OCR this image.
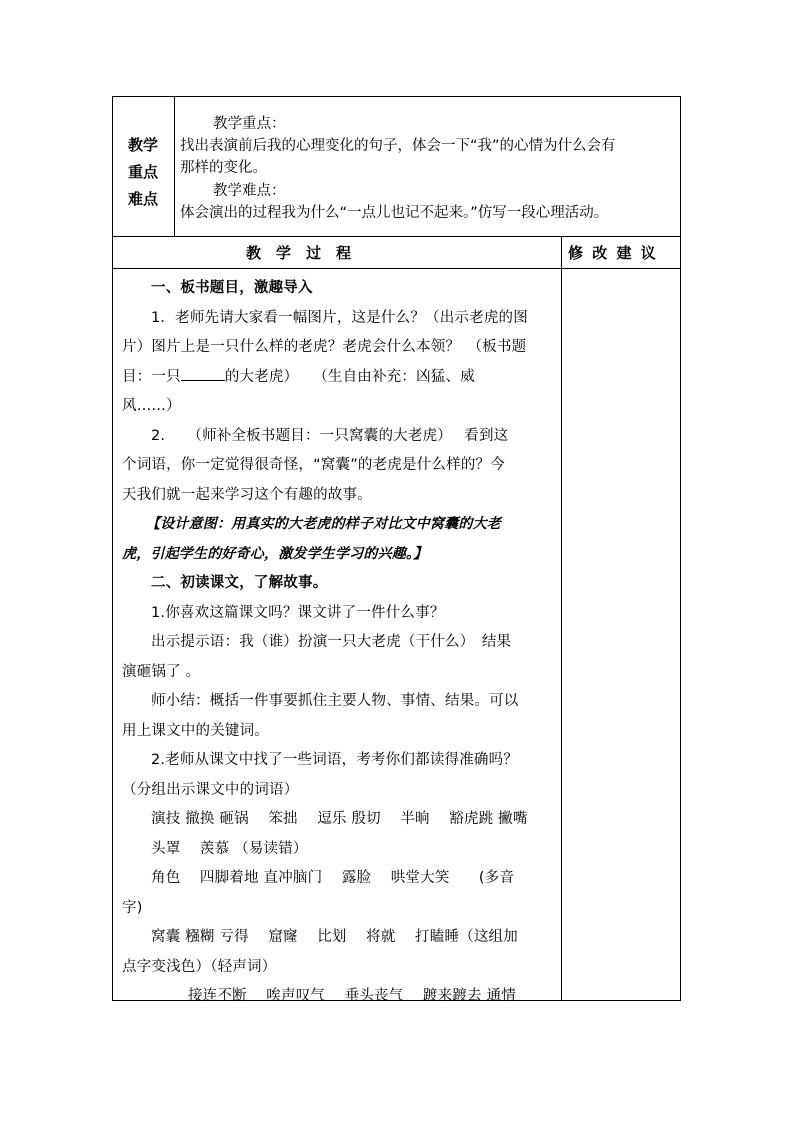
教学
重点
难点
教学重点：
找出表演前后我的心理变化的句子，体会一下“我”的心情为什么会有
那样的变化。
教学难点：
体会演出的过程我为什么“一点儿也记不起来。”仿写一段心理活动。
教　学　过　程	修 改 建 议
一、板书题目，激趣导入
1．老师先请大家看一幅图片，这是什么？（出示老虎的图
片）图片上是一只什么样的老虎？老虎会什么本领？　（板书题
目：一只	的大老虎）　　（生自由补充：凶猛、威
风……）
2.　　（师补全板书题目：一只窝囊的大老虎）　 看到这
个词语，你一定觉得很奇怪，“窝囊”的老虎是什么样的？今
天我们就一起来学习这个有趣的故事。
【设计意图：用真实的大老虎的样子对比文中窝囊的大老
虎，引起学生的好奇心，激发学生学习的兴趣。】
二、初读课文，了解故事。
1.你喜欢这篇课文吗？课文讲了一件什么事？
出示提示语：我（谁）扮演一只大老虎（干什么）　结果
演砸锅了 。
师小结：概括一件事要抓住主要人物、事情、结果。可以
用上课文中的关键词。
2.老师从课文中找了一些词语，考考你们都读得准确吗？
（分组出示课文中的词语）
演技 撤换 砸锅　 笨拙　 逗乐 殷切　 半晌　 豁虎跳 撇嘴
头罩　 羡慕 （易读错）
角色　 四脚着地 直冲脑门　 露脸　 哄堂大笑　　(多音
字)
窝囊 糨糊 亏得　 窟窿　 比划　 将就　 打瞌睡（这组加
点字变浅色）（轻声词）
接连不断　 唉声叹气　 垂头丧气　 踱来踱去 通情
